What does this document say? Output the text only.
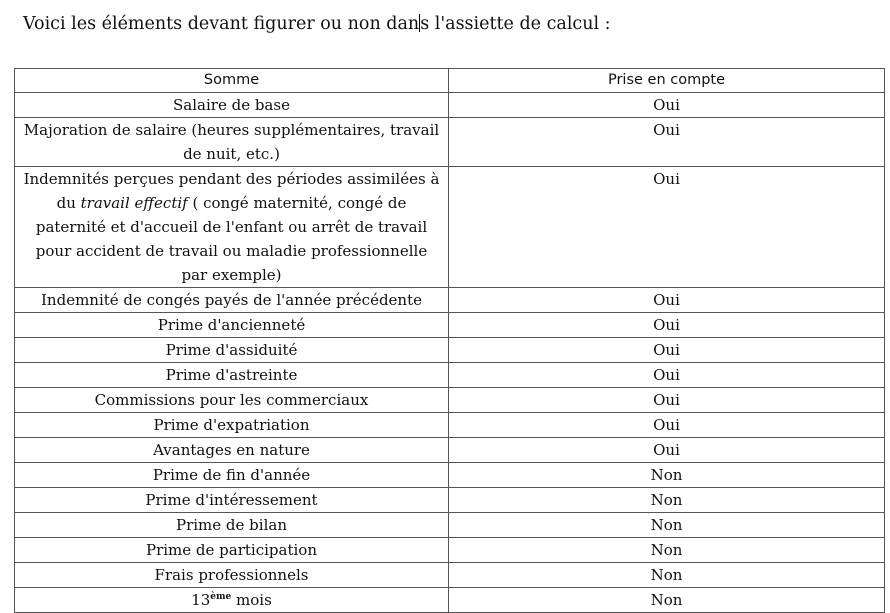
Voici les éléments devant figurer ou non dans l'assiette de calcul :
Somme	Prise en compte
Salaire de base	Oui
Majoration de salaire (heures supplémentaires, travail de nuit, etc.)	Oui
Indemnités perçues pendant des périodes assimilées à du travail effectif ( congé maternité, congé de paternité et d'accueil de l'enfant ou arrêt de travail pour accident de travail ou maladie professionnelle par exemple)	Oui
Indemnité de congés payés de l'année précédente	Oui
Prime d'ancienneté	Oui
Prime d'assiduité	Oui
Prime d'astreinte	Oui
Commissions pour les commerciaux	Oui
Prime d'expatriation	Oui
Avantages en nature	Oui
Prime de fin d'année	Non
Prime d'intéressement	Non
Prime de bilan	Non
Prime de participation	Non
Frais professionnels	Non
13ème mois	Non
